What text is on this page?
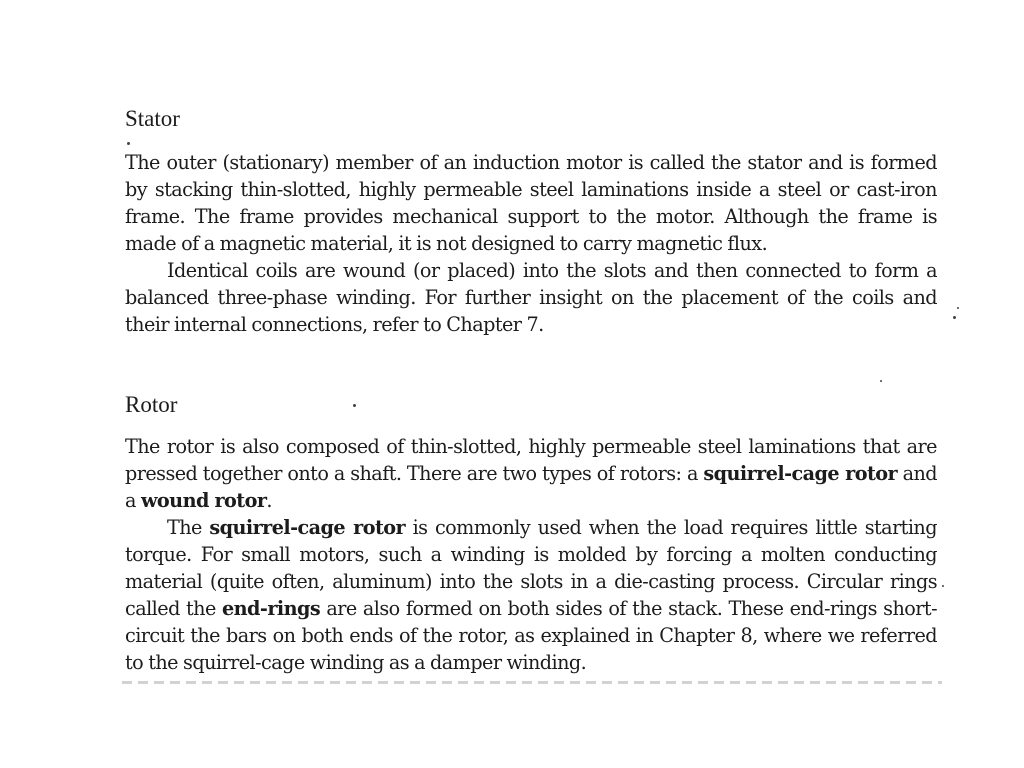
Stator

The outer (stationary) member of an induction motor is called the stator and is formed by stacking thin-slotted, highly permeable steel laminations inside a steel or cast-iron frame. The frame provides mechanical support to the motor. Although the frame is made of a magnetic material, it is not designed to carry magnetic flux.

Identical coils are wound (or placed) into the slots and then connected to form a balanced three-phase winding. For further insight on the placement of the coils and their internal connections, refer to Chapter 7.

Rotor

The rotor is also composed of thin-slotted, highly permeable steel laminations that are pressed together onto a shaft. There are two types of rotors: a squirrel-cage rotor and a wound rotor.

The squirrel-cage rotor is commonly used when the load requires little starting torque. For small motors, such a winding is molded by forcing a molten conducting material (quite often, aluminum) into the slots in a die-casting process. Circular rings called the end-rings are also formed on both sides of the stack. These end-rings short-circuit the bars on both ends of the rotor, as explained in Chapter 8, where we referred to the squirrel-cage winding as a damper winding.
